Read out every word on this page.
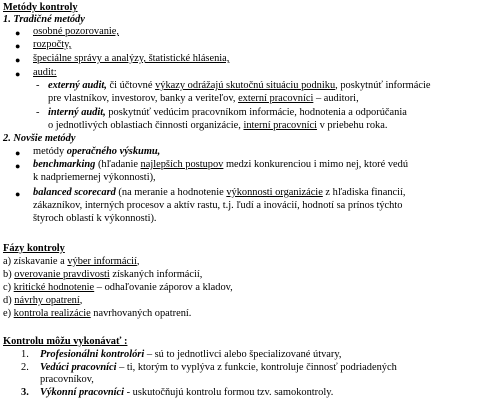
Metódy kontroly
1. Tradičné metódy
● osobné pozorovanie,
● rozpočty,
● špeciálne správy a analýzy, štatistické hlásenia,
● audit:
- externý audit, či účtovné výkazy odrážajú skutočnú situáciu podniku, poskytnúť informácie
pre vlastníkov, investorov, banky a veriteľov, externí pracovníci – auditori,
- interný audit, poskytnúť vedúcim pracovníkom informácie, hodnotenia a odporúčania
o jednotlivých oblastiach činnosti organizácie, interní pracovníci v priebehu roka.
2. Novšie metódy
● metódy operačného výskumu,
● benchmarking (hľadanie najlepších postupov medzi konkurenciou i mimo nej, ktoré vedú
k nadpriemernej výkonnosti),
● balanced scorecard (na meranie a hodnotenie výkonnosti organizácie z hľadiska financií,
zákazníkov, interných procesov a aktív rastu, t.j. ľudí a inovácií, hodnotí sa prínos týchto
štyroch oblastí k výkonnosti).
Fázy kontroly
a) získavanie a výber informácií,
b) overovanie pravdivosti získaných informácií,
c) kritické hodnotenie – odhaľovanie záporov a kladov,
d) návrhy opatrení,
e) kontrola realizácie navrhovaných opatrení.
Kontrolu môžu vykonávať :
1. Profesionálni kontrolóri – sú to jednotlivci alebo špecializované útvary,
2. Vedúci pracovníci – ti, ktorým to vyplýva z funkcie, kontroluje činnosť podriadených
pracovníkov,
3. Výkonní pracovníci - uskutočňujú kontrolu formou tzv. samokontroly.
